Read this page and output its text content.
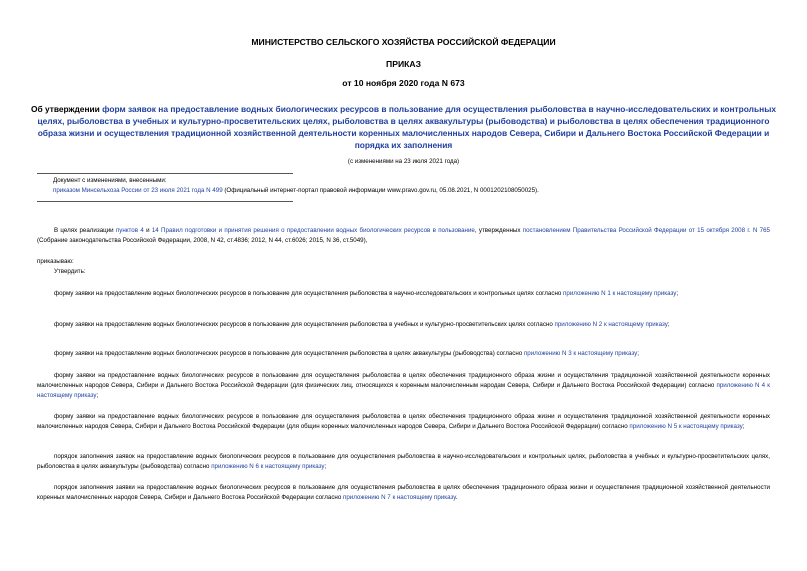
МИНИСТЕРСТВО СЕЛЬСКОГО ХОЗЯЙСТВА РОССИЙСКОЙ ФЕДЕРАЦИИ
ПРИКАЗ
от 10 ноября 2020 года N 673
Об утверждении форм заявок на предоставление водных биологических ресурсов в пользование для осуществления рыболовства в научно-исследовательских и контрольных целях, рыболовства в учебных и культурно-просветительских целях, рыболовства в целях аквакультуры (рыбоводства) и рыболовства в целях обеспечения традиционного образа жизни и осуществления традиционной хозяйственной деятельности коренных малочисленных народов Севера, Сибири и Дальнего Востока Российской Федерации и порядка их заполнения
(с изменениями на 23 июля 2021 года)
Документ с изменениями, внесенными:
приказом Минсельхоза России от 23 июля 2021 года N 499 (Официальный интернет-портал правовой информации www.pravo.gov.ru, 05.08.2021, N 0001202108050025).
В целях реализации пунктов 4 и 14 Правил подготовки и принятия решения о предоставлении водных биологических ресурсов в пользование, утвержденных постановлением Правительства Российской Федерации от 15 октября 2008 г. N 765 (Собрание законодательства Российской Федерации, 2008, N 42, ст.4836; 2012, N 44, ст.6026; 2015, N 36, ст.5049),
приказываю:
Утвердить:
форму заявки на предоставление водных биологических ресурсов в пользование для осуществления рыболовства в научно-исследовательских и контрольных целях согласно приложению N 1 к настоящему приказу;
форму заявки на предоставление водных биологических ресурсов в пользование для осуществления рыболовства в учебных и культурно-просветительских целях согласно приложению N 2 к настоящему приказу;
форму заявки на предоставление водных биологических ресурсов в пользование для осуществления рыболовства в целях аквакультуры (рыбоводства) согласно приложению N 3 к настоящему приказу;
форму заявки на предоставление водных биологических ресурсов в пользование для осуществления рыболовства в целях обеспечения традиционного образа жизни и осуществления традиционной хозяйственной деятельности коренных малочисленных народов Севера, Сибири и Дальнего Востока Российской Федерации (для физических лиц, относящихся к коренным малочисленным народам Севера, Сибири и Дальнего Востока Российской Федерации) согласно приложению N 4 к настоящему приказу;
форму заявки на предоставление водных биологических ресурсов в пользование для осуществления рыболовства в целях обеспечения традиционного образа жизни и осуществления традиционной хозяйственной деятельности коренных малочисленных народов Севера, Сибири и Дальнего Востока Российской Федерации (для общин коренных малочисленных народов Севера, Сибири и Дальнего Востока Российской Федерации) согласно приложению N 5 к настоящему приказу;
порядок заполнения заявок на предоставление водных биологических ресурсов в пользование для осуществления рыболовства в научно-исследовательских и контрольных целях, рыболовства в учебных и культурно-просветительских целях, рыболовства в целях аквакультуры (рыбоводства) согласно приложению N 6 к настоящему приказу;
порядок заполнения заявки на предоставление водных биологических ресурсов в пользование для осуществления рыболовства в целях обеспечения традиционного образа жизни и осуществления традиционной хозяйственной деятельности коренных малочисленных народов Севера, Сибири и Дальнего Востока Российской Федерации согласно приложению N 7 к настоящему приказу.
